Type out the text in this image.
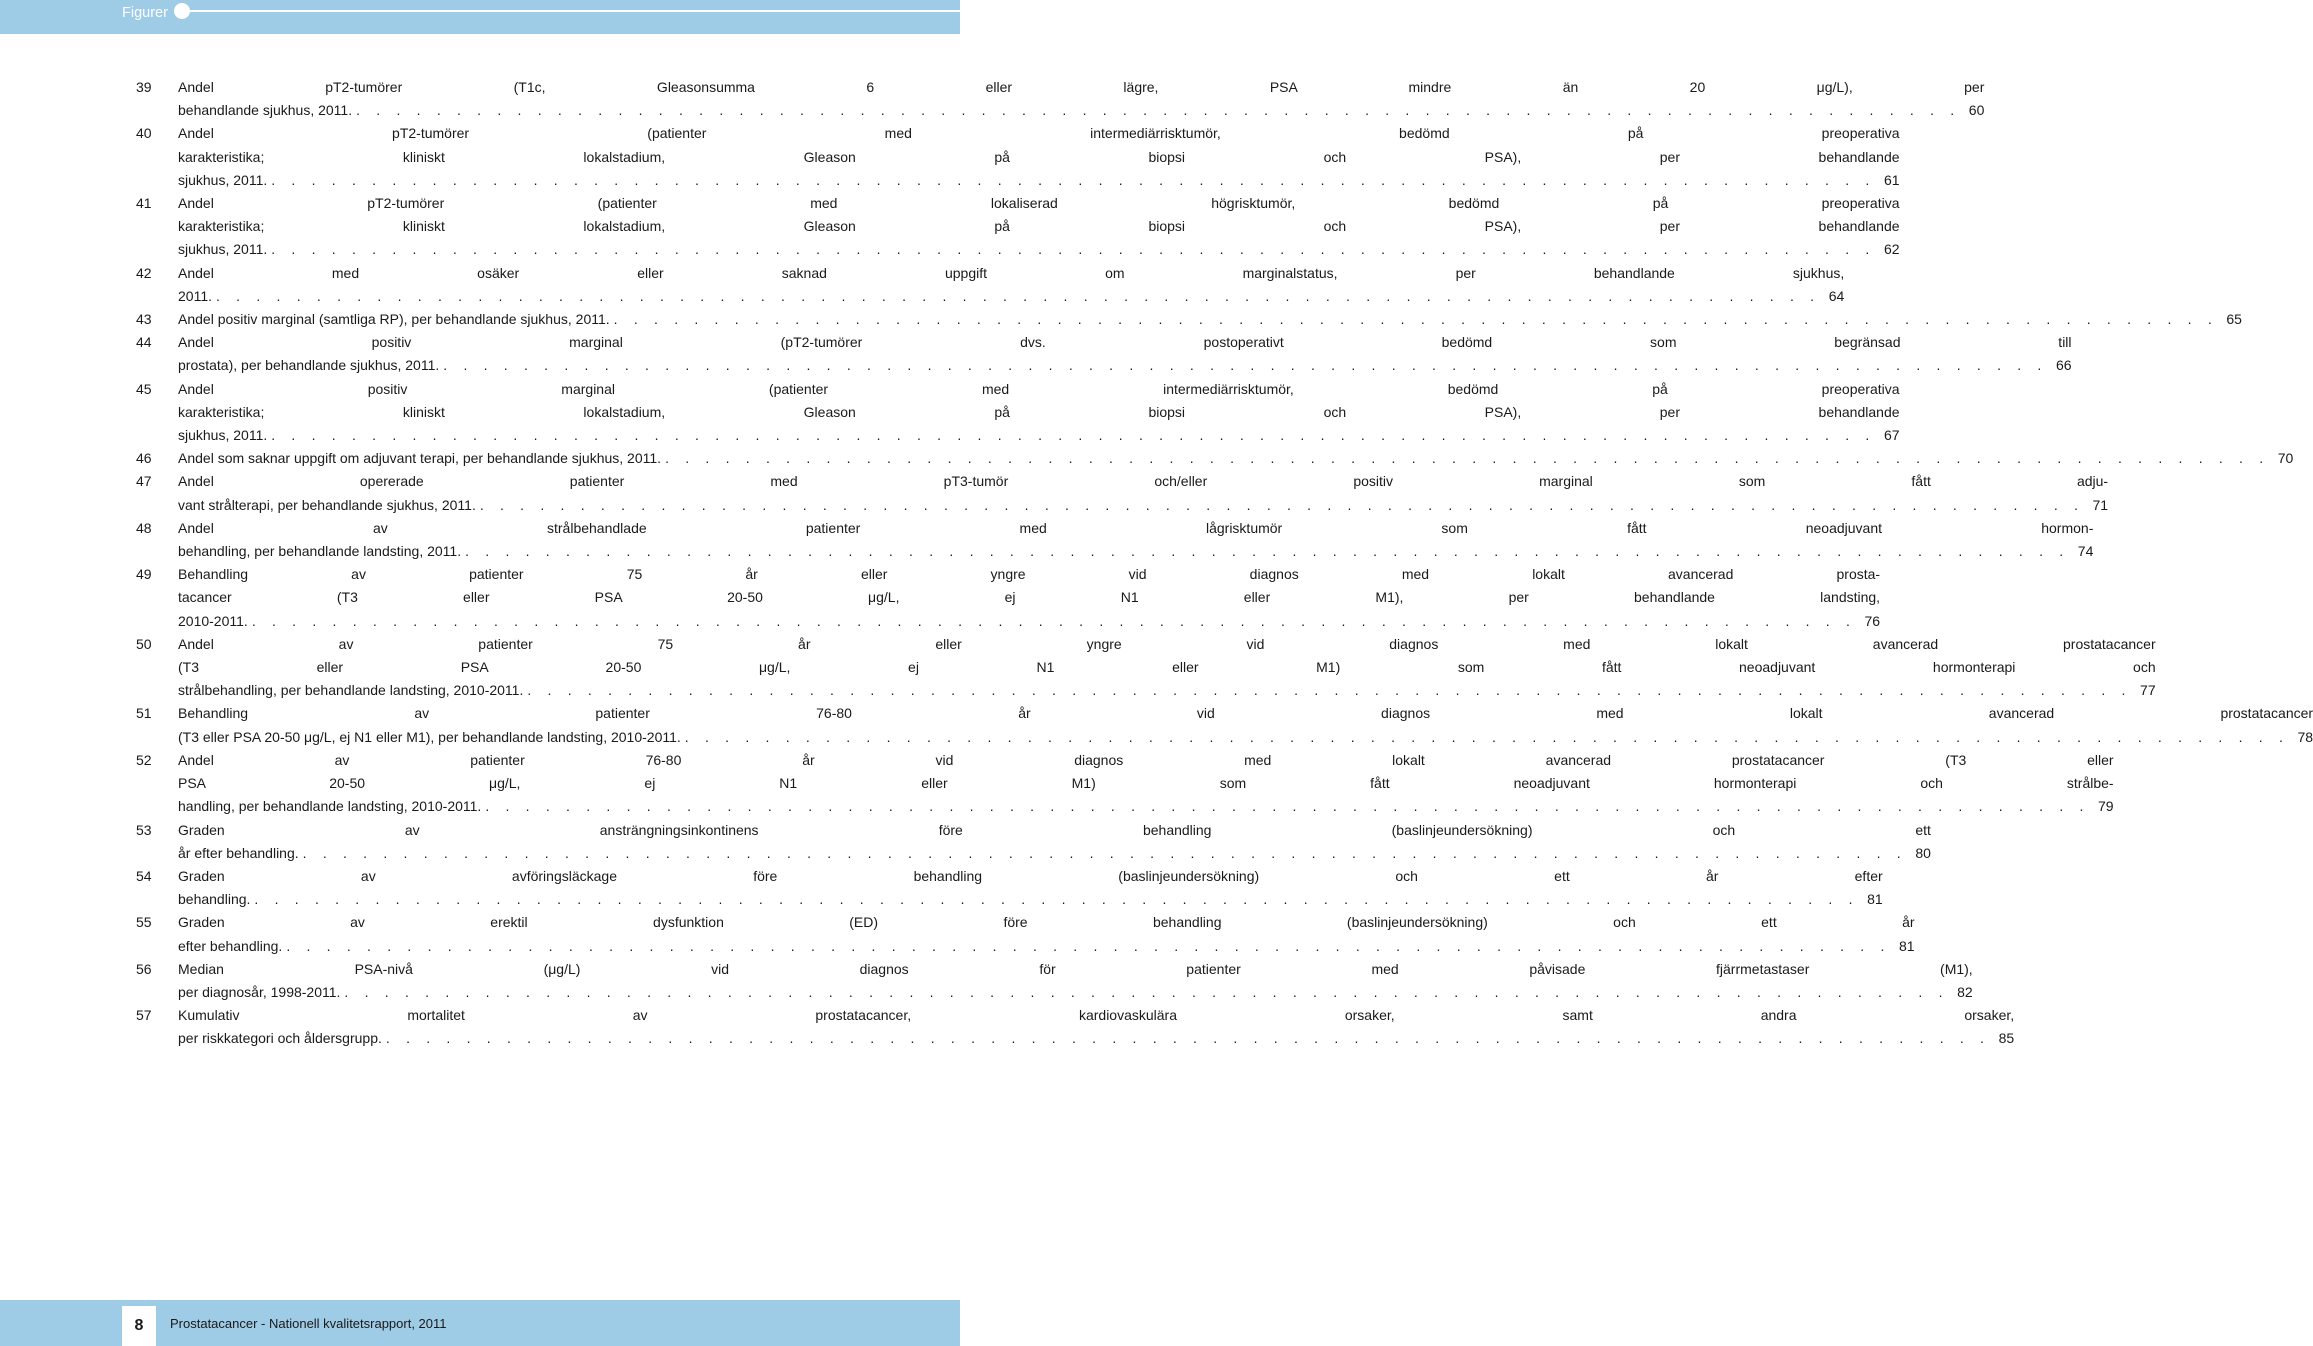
Figurer
39	Andel pT2-tumörer (T1c, Gleasonsumma 6 eller lägre, PSA mindre än 20 μg/L), per
behandlande sjukhus, 2011. . . . . . . . . . . . . . . . . . . . . . . . . . . . . . . . . . . . . . . . . . . . . . . . . . . . . . . . . . . . . . . . . . . . . . . . . . . . . . . . . 60
40	Andel pT2-tumörer (patienter med intermediärrisktumör, bedömd på preoperativa
karakteristika; kliniskt lokalstadium, Gleason på biopsi och PSA), per behandlande
sjukhus, 2011. . . . . . . . . . . . . . . . . . . . . . . . . . . . . . . . . . . . . . . . . . . . . . . . . . . . . . . . . . . . . . . . . . . . . . . . . . . . . . . . . 61
41	Andel pT2-tumörer (patienter med lokaliserad högrisktumör, bedömd på preoperativa
karakteristika; kliniskt lokalstadium, Gleason på biopsi och PSA), per behandlande
sjukhus, 2011. . . . . . . . . . . . . . . . . . . . . . . . . . . . . . . . . . . . . . . . . . . . . . . . . . . . . . . . . . . . . . . . . . . . . . . . . . . . . . . . . 62
42	Andel med osäker eller saknad uppgift om marginalstatus, per behandlande sjukhus,
2011. . . . . . . . . . . . . . . . . . . . . . . . . . . . . . . . . . . . . . . . . . . . . . . . . . . . . . . . . . . . . . . . . . . . . . . . . . . . . . . . . 64
43	Andel positiv marginal (samtliga RP), per behandlande sjukhus, 2011. . . . . . . . . . . . . . . . . . . . . . . . . . . . . . . . . . . . . . . . . . . . . . . . . . . . . . . . . . . . . . . . . . . . . . . . . . . . . . . . . 65
44	Andel positiv marginal (pT2-tumörer dvs. postoperativt bedömd som begränsad till
prostata), per behandlande sjukhus, 2011. . . . . . . . . . . . . . . . . . . . . . . . . . . . . . . . . . . . . . . . . . . . . . . . . . . . . . . . . . . . . . . . . . . . . . . . . . . . . . . . . 66
45	Andel positiv marginal (patienter med intermediärrisktumör, bedömd på preoperativa
karakteristika; kliniskt lokalstadium, Gleason på biopsi och PSA), per behandlande
sjukhus, 2011. . . . . . . . . . . . . . . . . . . . . . . . . . . . . . . . . . . . . . . . . . . . . . . . . . . . . . . . . . . . . . . . . . . . . . . . . . . . . . . . . 67
46	Andel som saknar uppgift om adjuvant terapi, per behandlande sjukhus, 2011. . . . . . . . . . . . . . . . . . . . . . . . . . . . . . . . . . . . . . . . . . . . . . . . . . . . . . . . . . . . . . . . . . . . . . . . . . . . . . . . . 70
47	Andel opererade patienter med pT3-tumör och/eller positiv marginal som fått adju-
vant strålterapi, per behandlande sjukhus, 2011. . . . . . . . . . . . . . . . . . . . . . . . . . . . . . . . . . . . . . . . . . . . . . . . . . . . . . . . . . . . . . . . . . . . . . . . . . . . . . . . . 71
48	Andel av strålbehandlade patienter med lågrisktumör som fått neoadjuvant hormon-
behandling, per behandlande landsting, 2011. . . . . . . . . . . . . . . . . . . . . . . . . . . . . . . . . . . . . . . . . . . . . . . . . . . . . . . . . . . . . . . . . . . . . . . . . . . . . . . . . 74
49	Behandling av patienter 75 år eller yngre vid diagnos med lokalt avancerad prosta-
tacancer (T3 eller PSA 20-50 μg/L, ej N1 eller M1), per behandlande landsting,
2010-2011. . . . . . . . . . . . . . . . . . . . . . . . . . . . . . . . . . . . . . . . . . . . . . . . . . . . . . . . . . . . . . . . . . . . . . . . . . . . . . . . . 76
50	Andel av patienter 75 år eller yngre vid diagnos med lokalt avancerad prostatacancer
(T3 eller PSA 20-50 μg/L, ej N1 eller M1) som fått neoadjuvant hormonterapi och
strålbehandling, per behandlande landsting, 2010-2011. . . . . . . . . . . . . . . . . . . . . . . . . . . . . . . . . . . . . . . . . . . . . . . . . . . . . . . . . . . . . . . . . . . . . . . . . . . . . . . . . 77
51	Behandling av patienter 76-80 år vid diagnos med lokalt avancerad prostatacancer
(T3 eller PSA 20-50 μg/L, ej N1 eller M1), per behandlande landsting, 2010-2011. . . . . . . . . . . . . . . . . . . . . . . . . . . . . . . . . . . . . . . . . . . . . . . . . . . . . . . . . . . . . . . . . . . . . . . . . . . . . . . . . 78
52	Andel av patienter 76-80 år vid diagnos med lokalt avancerad prostatacancer (T3 eller
PSA 20-50 μg/L, ej N1 eller M1) som fått neoadjuvant hormonterapi och strålbe-
handling, per behandlande landsting, 2010-2011. . . . . . . . . . . . . . . . . . . . . . . . . . . . . . . . . . . . . . . . . . . . . . . . . . . . . . . . . . . . . . . . . . . . . . . . . . . . . . . . . 79
53	Graden av ansträngningsinkontinens före behandling (baslinjeundersökning) och ett
år efter behandling. . . . . . . . . . . . . . . . . . . . . . . . . . . . . . . . . . . . . . . . . . . . . . . . . . . . . . . . . . . . . . . . . . . . . . . . . . . . . . . . . 80
54	Graden av avföringsläckage före behandling (baslinjeundersökning) och ett år efter
behandling. . . . . . . . . . . . . . . . . . . . . . . . . . . . . . . . . . . . . . . . . . . . . . . . . . . . . . . . . . . . . . . . . . . . . . . . . . . . . . . . . 81
55	Graden av erektil dysfunktion (ED) före behandling (baslinjeundersökning) och ett år
efter behandling. . . . . . . . . . . . . . . . . . . . . . . . . . . . . . . . . . . . . . . . . . . . . . . . . . . . . . . . . . . . . . . . . . . . . . . . . . . . . . . . . 81
56	Median PSA-nivå (μg/L) vid diagnos för patienter med påvisade fjärrmetastaser (M1),
per diagnosår, 1998-2011. . . . . . . . . . . . . . . . . . . . . . . . . . . . . . . . . . . . . . . . . . . . . . . . . . . . . . . . . . . . . . . . . . . . . . . . . . . . . . . . . 82
57	Kumulativ mortalitet av prostatacancer, kardiovaskulära orsaker, samt andra orsaker,
per riskkategori och åldersgrupp. . . . . . . . . . . . . . . . . . . . . . . . . . . . . . . . . . . . . . . . . . . . . . . . . . . . . . . . . . . . . . . . . . . . . . . . . . . . . . . . . 85
8	Prostatacancer - Nationell kvalitetsrapport, 2011
